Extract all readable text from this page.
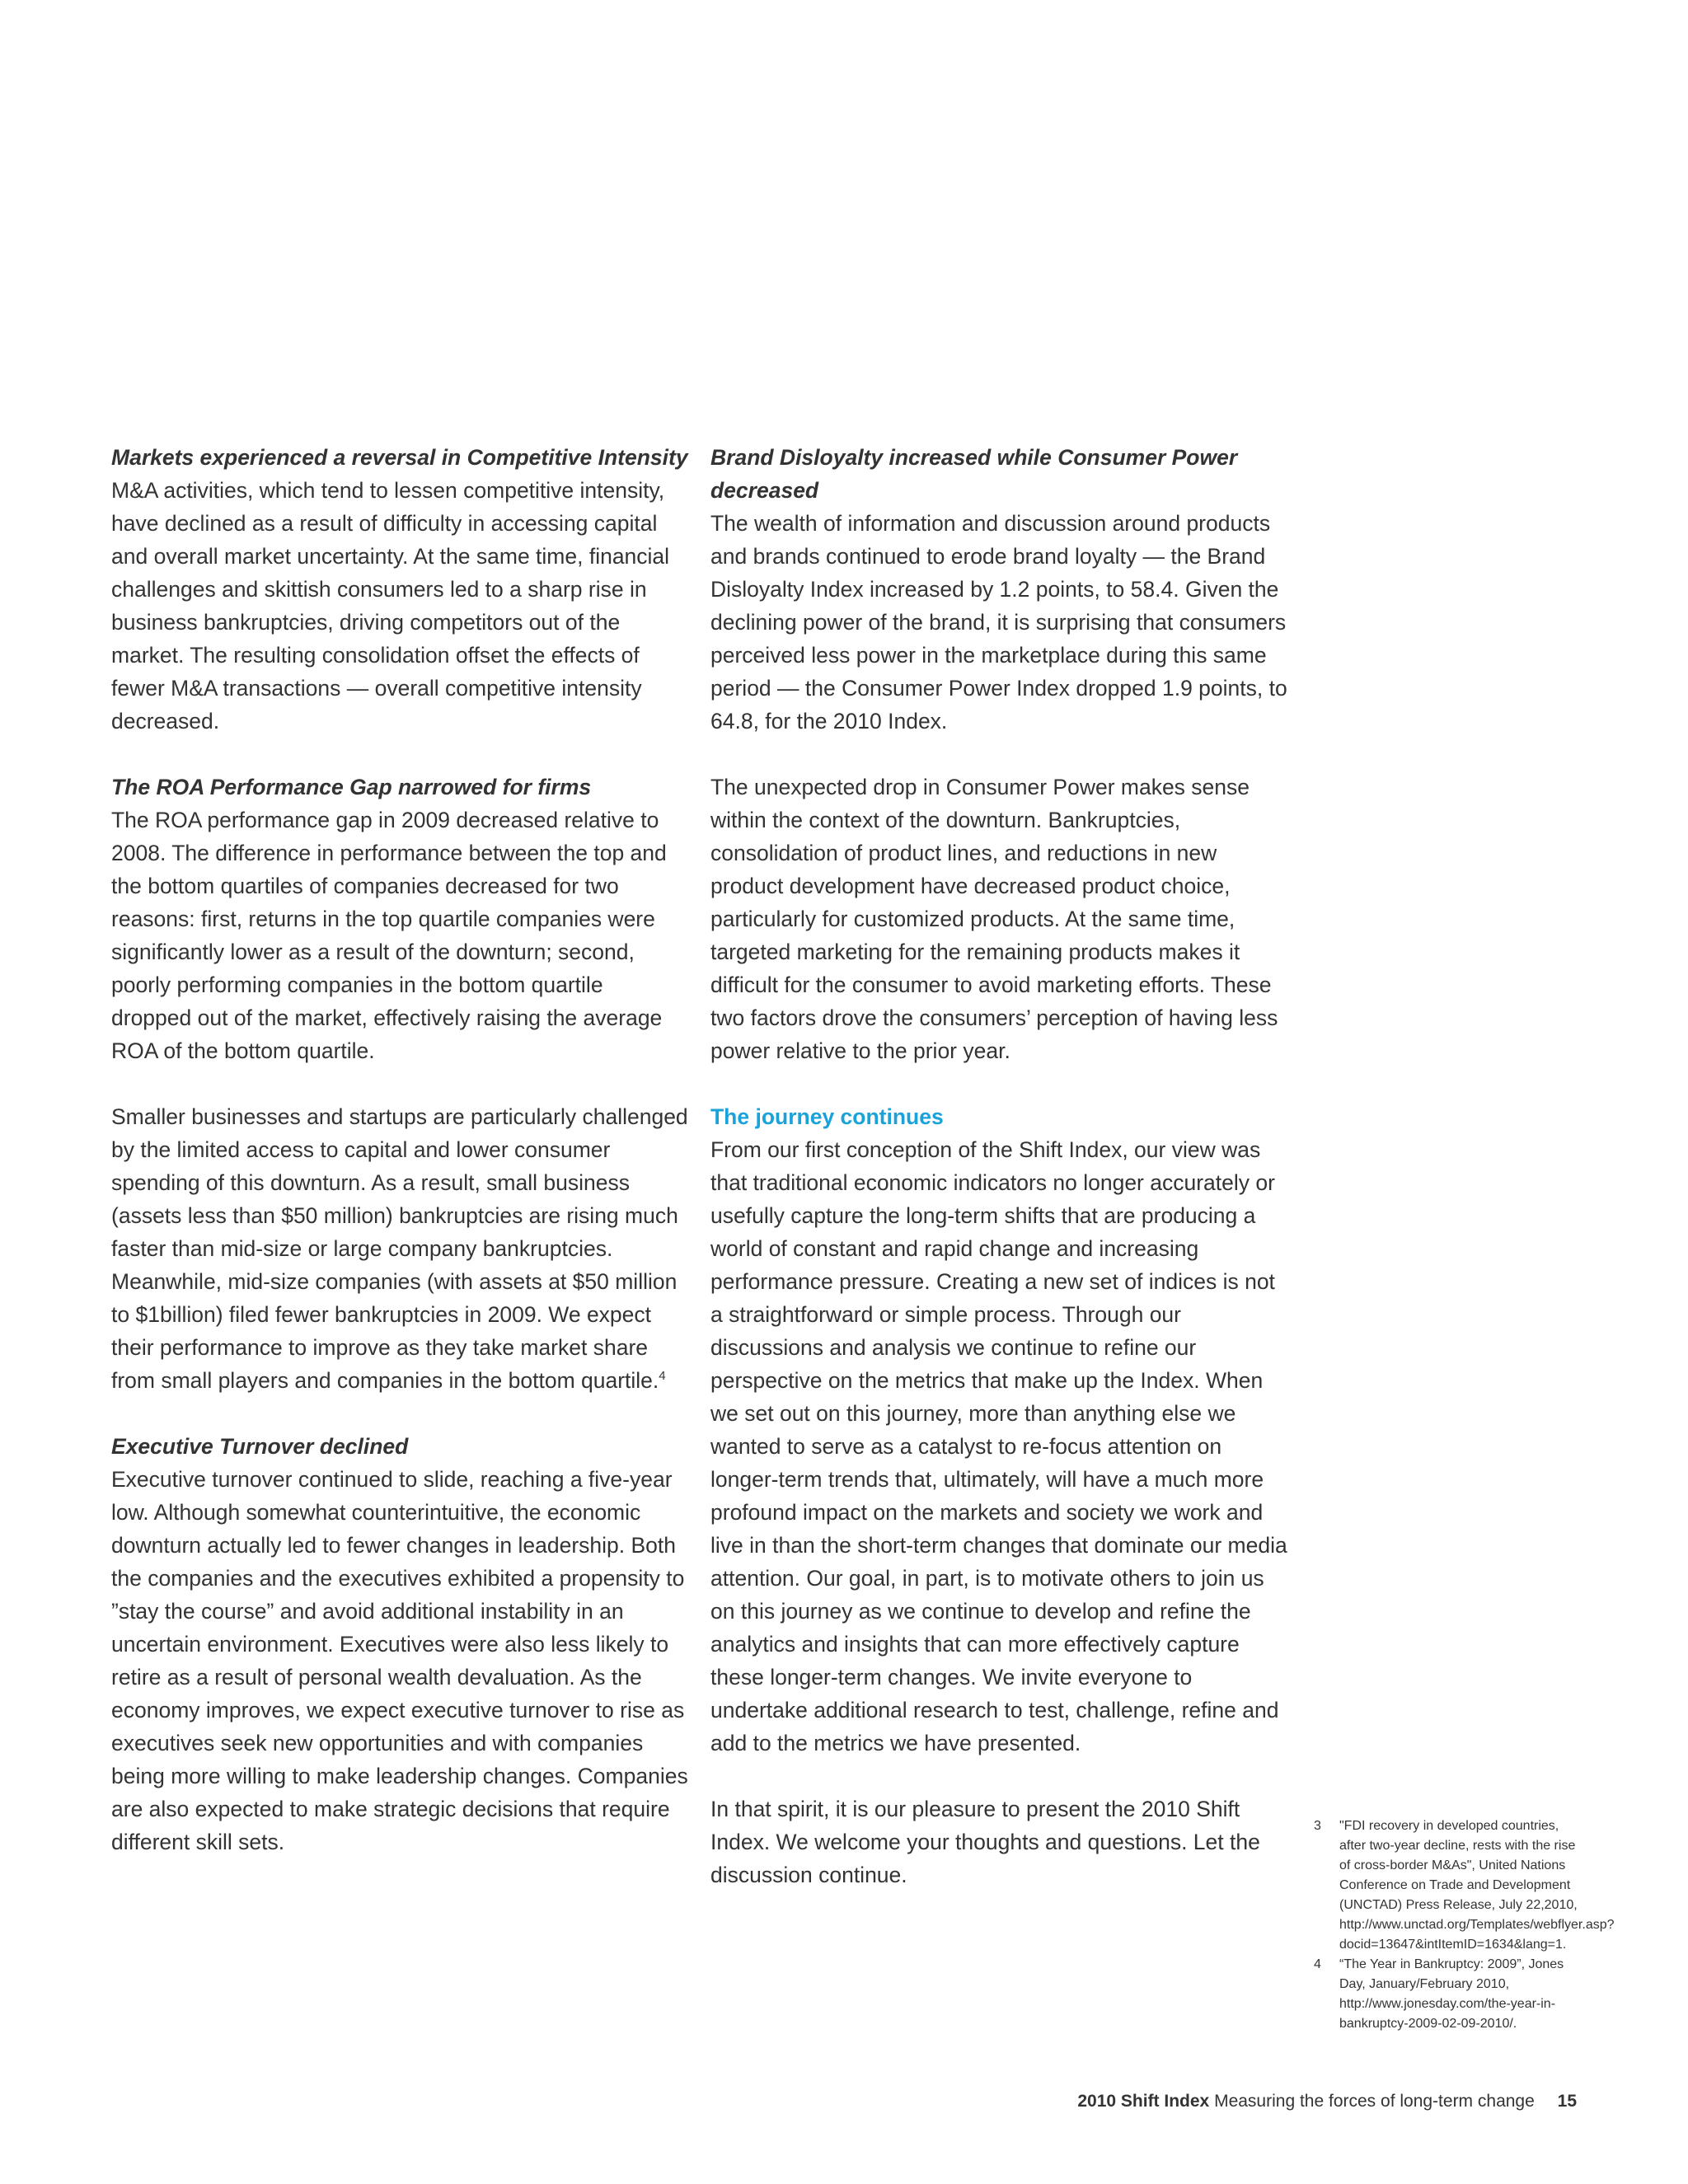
Markets experienced a reversal in Competitive Intensity

M&A activities, which tend to lessen competitive intensity, have declined as a result of difficulty in accessing capital and overall market uncertainty. At the same time, financial challenges and skittish consumers led to a sharp rise in business bankruptcies, driving competitors out of the market. The resulting consolidation offset the effects of fewer M&A transactions — overall competitive intensity decreased.

The ROA Performance Gap narrowed for firms

The ROA performance gap in 2009 decreased relative to 2008. The difference in performance between the top and the bottom quartiles of companies decreased for two reasons: first, returns in the top quartile companies were significantly lower as a result of the downturn; second, poorly performing companies in the bottom quartile dropped out of the market, effectively raising the average ROA of the bottom quartile.

Smaller businesses and startups are particularly challenged by the limited access to capital and lower consumer spending of this downturn. As a result, small business (assets less than $50 million) bankruptcies are rising much faster than mid-size or large company bankruptcies. Meanwhile, mid-size companies (with assets at $50 million to $1billion) filed fewer bankruptcies in 2009. We expect their performance to improve as they take market share from small players and companies in the bottom quartile.$^4$

Executive Turnover declined

Executive turnover continued to slide, reaching a five-year low. Although somewhat counterintuitive, the economic downturn actually led to fewer changes in leadership. Both the companies and the executives exhibited a propensity to ”stay the course” and avoid additional instability in an uncertain environment. Executives were also less likely to retire as a result of personal wealth devaluation. As the economy improves, we expect executive turnover to rise as executives seek new opportunities and with companies being more willing to make leadership changes. Companies are also expected to make strategic decisions that require different skill sets.

Brand Disloyalty increased while Consumer Power decreased

The wealth of information and discussion around products and brands continued to erode brand loyalty — the Brand Disloyalty Index increased by 1.2 points, to 58.4. Given the declining power of the brand, it is surprising that consumers perceived less power in the marketplace during this same period — the Consumer Power Index dropped 1.9 points, to 64.8, for the 2010 Index.

The unexpected drop in Consumer Power makes sense within the context of the downturn. Bankruptcies, consolidation of product lines, and reductions in new product development have decreased product choice, particularly for customized products. At the same time, targeted marketing for the remaining products makes it difficult for the consumer to avoid marketing efforts. These two factors drove the consumers’ perception of having less power relative to the prior year.

The journey continues

From our first conception of the Shift Index, our view was that traditional economic indicators no longer accurately or usefully capture the long-term shifts that are producing a world of constant and rapid change and increasing performance pressure. Creating a new set of indices is not a straightforward or simple process. Through our discussions and analysis we continue to refine our perspective on the metrics that make up the Index. When we set out on this journey, more than anything else we wanted to serve as a catalyst to re-focus attention on longer-term trends that, ultimately, will have a much more profound impact on the markets and society we work and live in than the short-term changes that dominate our media attention. Our goal, in part, is to motivate others to join us on this journey as we continue to develop and refine the analytics and insights that can more effectively capture these longer-term changes. We invite everyone to undertake additional research to test, challenge, refine and add to the metrics we have presented.

In that spirit, it is our pleasure to present the 2010 Shift Index. We welcome your thoughts and questions. Let the discussion continue.

3 "FDI recovery in developed countries, after two-year decline, rests with the rise of cross-border M&As", United Nations Conference on Trade and Development (UNCTAD) Press Release, July 22,2010, http://www.unctad.org/Templates/webflyer.asp?docid=13647&intItemID=1634&lang=1.

4 “The Year in Bankruptcy: 2009”, Jones Day, January/February 2010, http://www.jonesday.com/the-year-in-bankruptcy-2009-02-09-2010/.

2010 Shift Index Measuring the forces of long-term change 15
